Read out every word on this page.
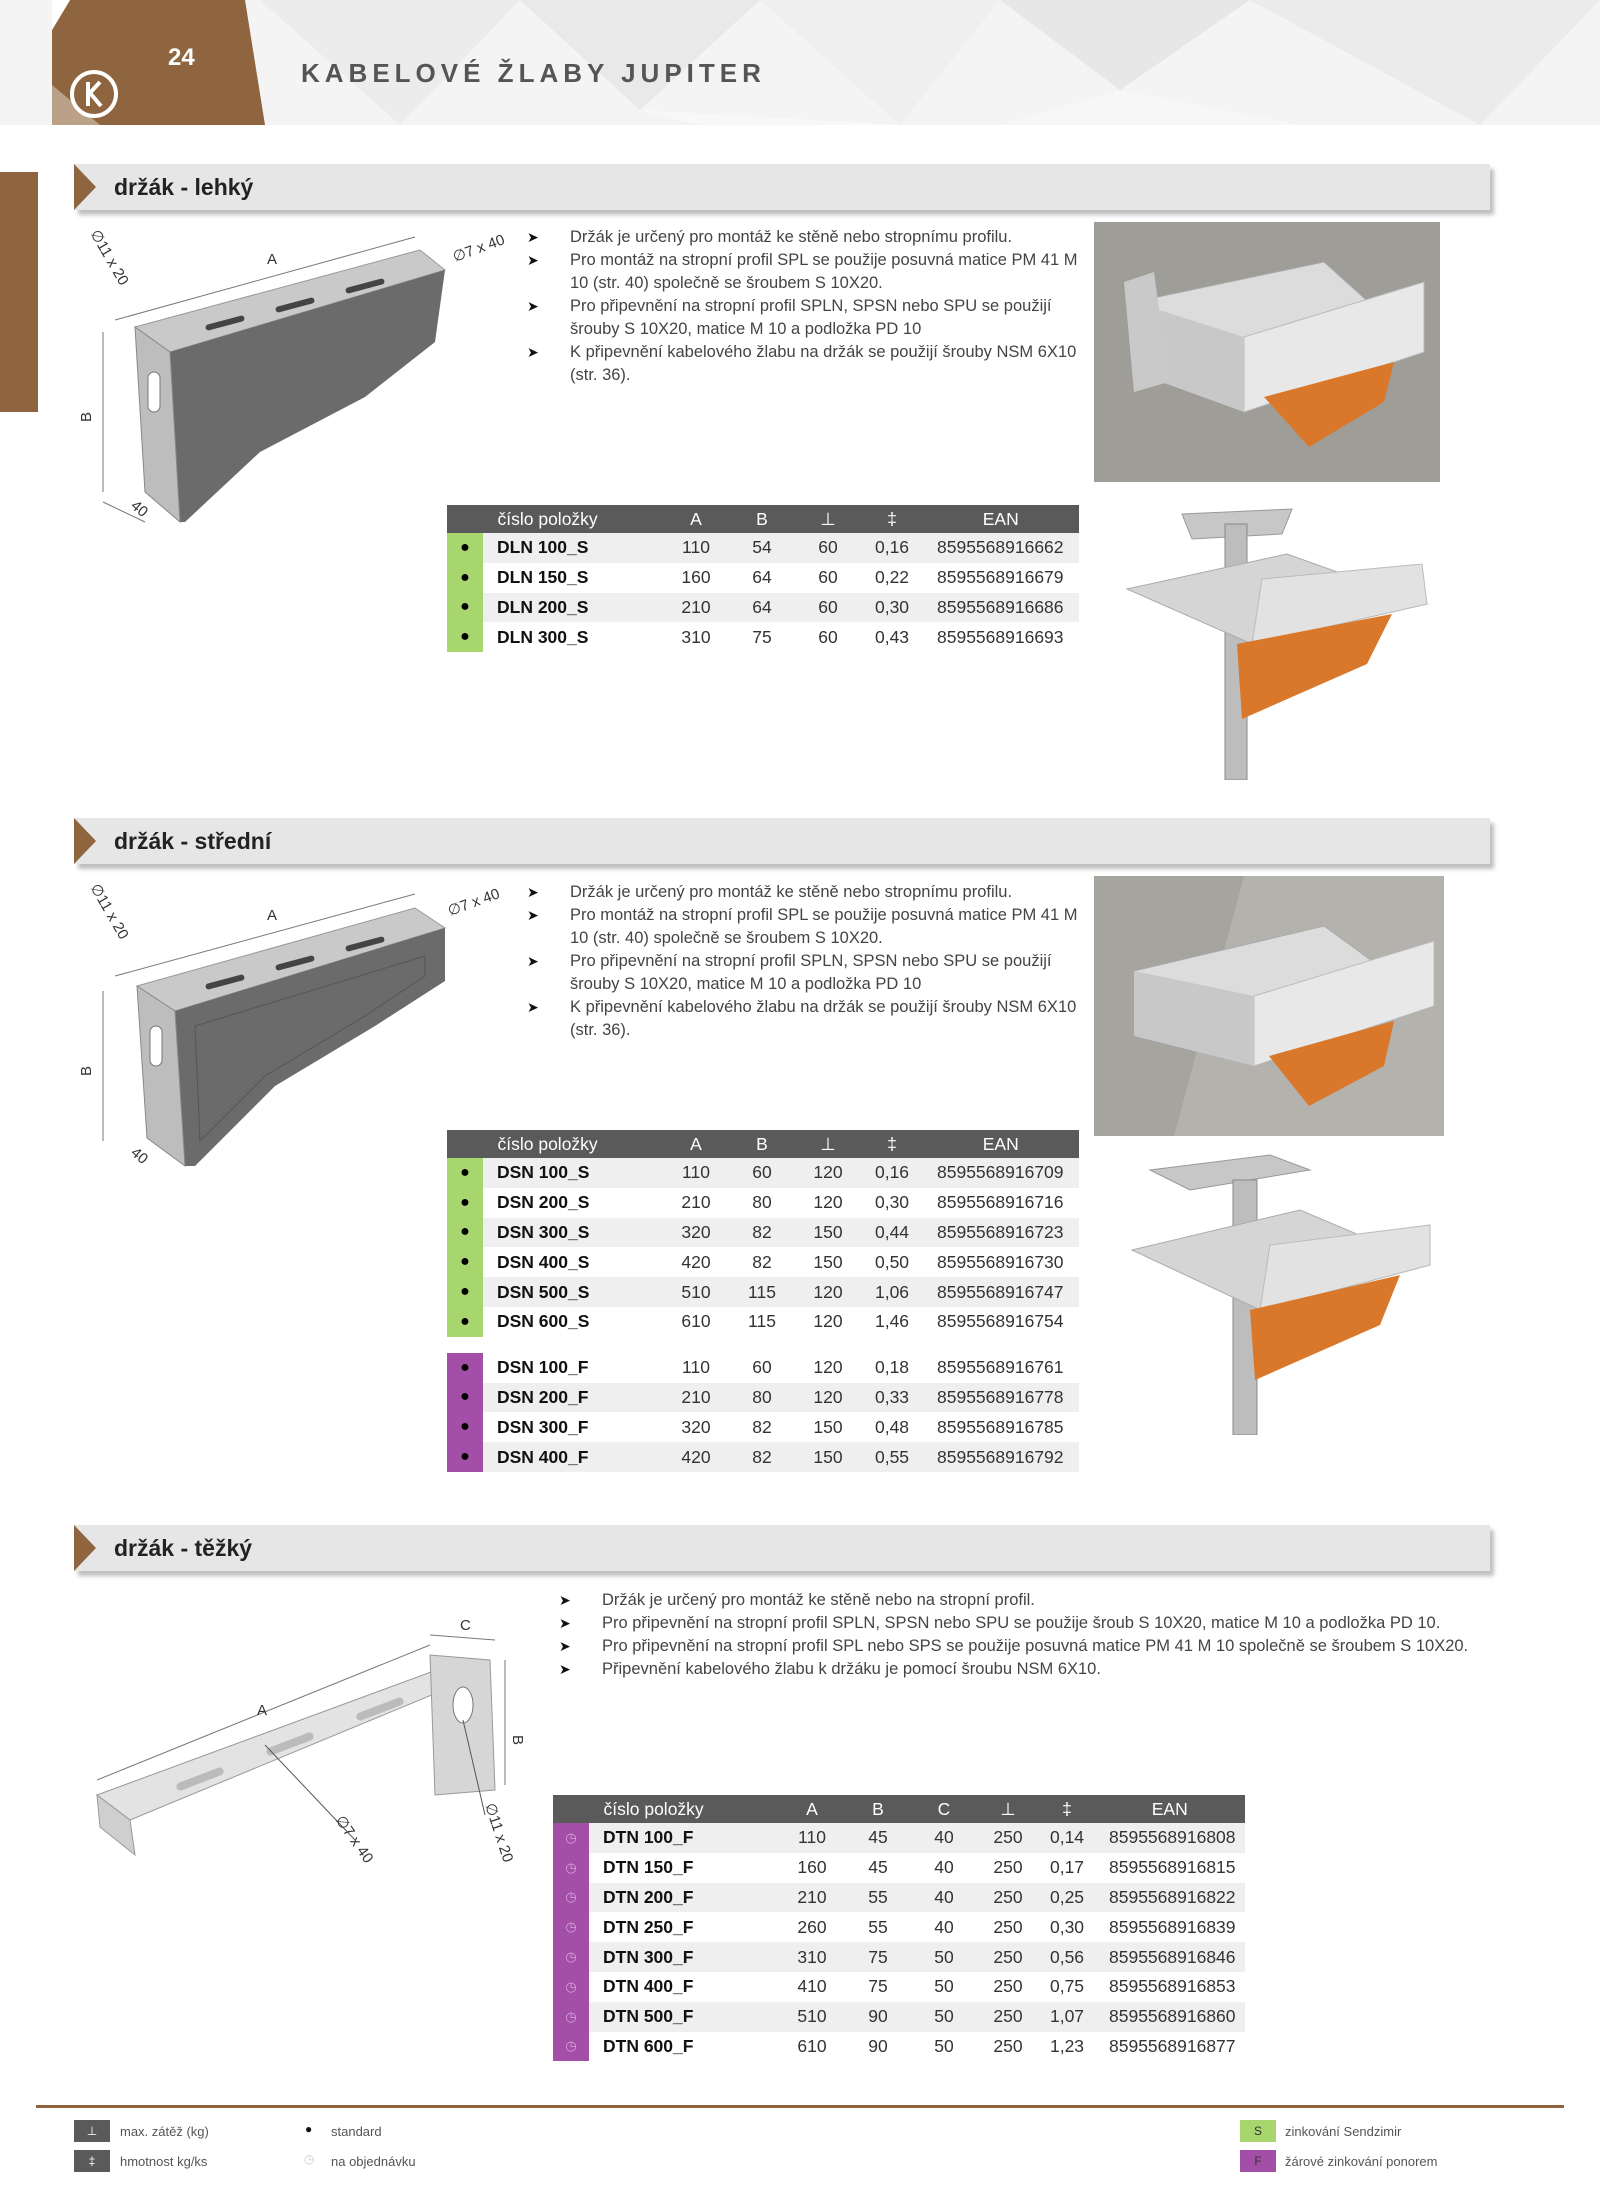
24
KABELOVÉ ŽLABY JUPITER
1
držák - lehký
∅11 x 20	A	∅7 x 40
B
40
➤ Držák je určený pro montáž ke stěně nebo stropnímu profilu.
➤ Pro montáž na stropní profil SPL se použije posuvná matice PM 41 M 10 (str. 40) společně se šroubem S 10X20.
➤ Pro připevnění na stropní profil SPLN, SPSN nebo SPU se použijí šrouby S 10X20, matice M 10 a podložka PD 10
➤ K připevnění kabelového žlabu na držák se použijí šrouby NSM 6X10 (str. 36).
	číslo položky	A	B	⊥	‡	EAN
●	DLN 100_S	110	54	60	0,16	8595568916662
●	DLN 150_S	160	64	60	0,22	8595568916679
●	DLN 200_S	210	64	60	0,30	8595568916686
●	DLN 300_S	310	75	60	0,43	8595568916693
držák - střední
∅11 x 20	A	∅7 x 40
B
40
➤ Držák je určený pro montáž ke stěně nebo stropnímu profilu.
➤ Pro montáž na stropní profil SPL se použije posuvná matice PM 41 M 10 (str. 40) společně se šroubem S 10X20.
➤ Pro připevnění na stropní profil SPLN, SPSN nebo SPU se použijí šrouby S 10X20, matice M 10 a podložka PD 10
➤ K připevnění kabelového žlabu na držák se použijí šrouby NSM 6X10 (str. 36).
	číslo položky	A	B	⊥	‡	EAN
●	DSN 100_S	110	60	120	0,16	8595568916709
●	DSN 200_S	210	80	120	0,30	8595568916716
●	DSN 300_S	320	82	150	0,44	8595568916723
●	DSN 400_S	420	82	150	0,50	8595568916730
●	DSN 500_S	510	115	120	1,06	8595568916747
●	DSN 600_S	610	115	120	1,46	8595568916754

●	DSN 100_F	110	60	120	0,18	8595568916761
●	DSN 200_F	210	80	120	0,33	8595568916778
●	DSN 300_F	320	82	150	0,48	8595568916785
●	DSN 400_F	420	82	150	0,55	8595568916792
držák - těžký
C
A
B
∅7 x 40	∅11 x 20
➤ Držák je určený pro montáž ke stěně nebo na stropní profil.
➤ Pro připevnění na stropní profil SPLN, SPSN nebo SPU se použije šroub S 10X20, matice M 10 a podložka PD 10.
➤ Pro připevnění na stropní profil SPL nebo SPS se použije posuvná matice PM 41 M 10 společně se šroubem S 10X20.
➤ Připevnění kabelového žlabu k držáku je pomocí šroubu NSM 6X10.
	číslo položky	A	B	C	⊥	‡	EAN
◷	DTN 100_F	110	45	40	250	0,14	8595568916808
◷	DTN 150_F	160	45	40	250	0,17	8595568916815
◷	DTN 200_F	210	55	40	250	0,25	8595568916822
◷	DTN 250_F	260	55	40	250	0,30	8595568916839
◷	DTN 300_F	310	75	50	250	0,56	8595568916846
◷	DTN 400_F	410	75	50	250	0,75	8595568916853
◷	DTN 500_F	510	90	50	250	1,07	8595568916860
◷	DTN 600_F	610	90	50	250	1,23	8595568916877
⊥	max. zátěž (kg)
‡	hmotnost kg/ks
● standard
◷ na objednávku
S	zinkování Sendzimir
F	žárové zinkování ponorem
